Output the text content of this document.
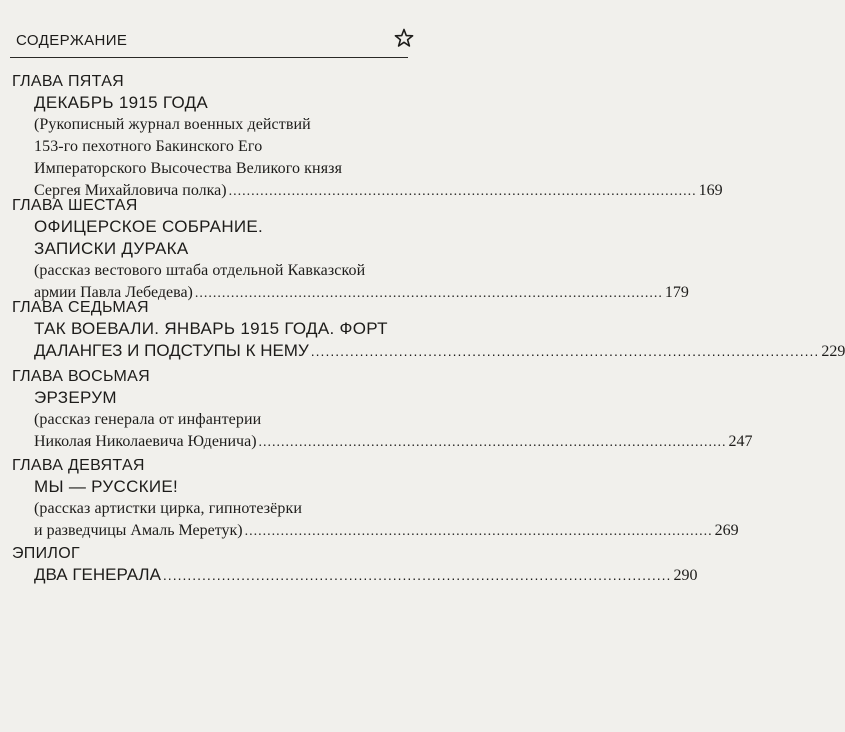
СОДЕРЖАНИЕ
ГЛАВА ПЯТАЯ
ДЕКАБРЬ 1915 ГОДА
(Рукописный журнал военных действий
153-го пехотного Бакинского Его
Императорского Высочества Великого князя
Сергея Михайловича полка) ........................................................................................................ 169
ГЛАВА ШЕСТАЯ
ОФИЦЕРСКОЕ СОБРАНИЕ.
ЗАПИСКИ ДУРАКА
(рассказ вестового штаба отдельной Кавказской
армии Павла Лебедева) ........................................................................................................ 179
ГЛАВА СЕДЬМАЯ
ТАК ВОЕВАЛИ. ЯНВАРЬ 1915 ГОДА. ФОРТ
ДАЛАНГЕЗ И ПОДСТУПЫ К НЕМУ ........................................................................................................ 229
ГЛАВА ВОСЬМАЯ
ЭРЗЕРУМ
(рассказ генерала от инфантерии
Николая Николаевича Юденича) ........................................................................................................ 247
ГЛАВА ДЕВЯТАЯ
МЫ — РУССКИЕ!
(рассказ артистки цирка, гипнотезёрки
и разведчицы Амаль Меретук) ........................................................................................................ 269
ЭПИЛОГ
ДВА ГЕНЕРАЛА ........................................................................................................ 290
